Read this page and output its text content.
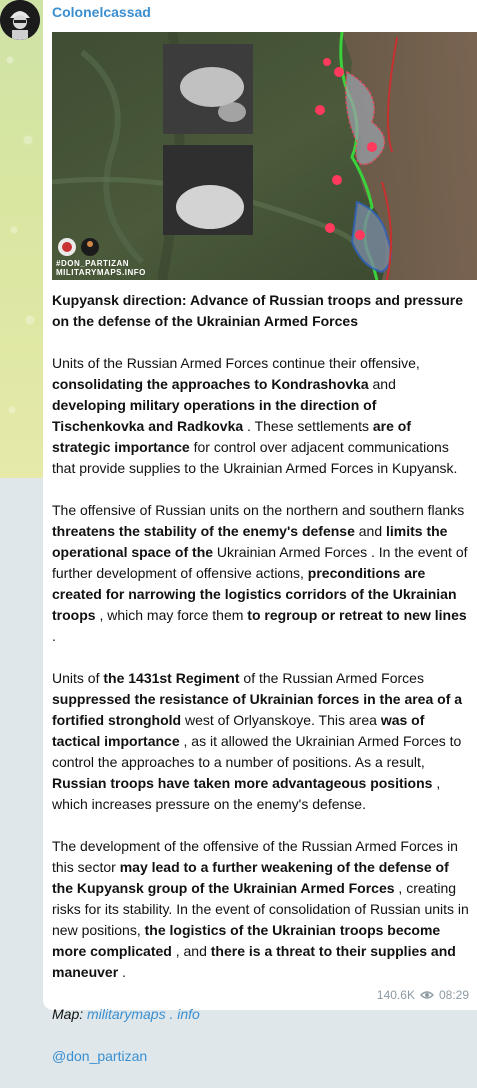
Colonelcassad
#DON_PARTIZAN
MILITARYMAPS.INFO

Kupyansk direction: Advance of Russian troops and pressure on the defense of the Ukrainian Armed Forces

Units of the Russian Armed Forces continue their offensive, consolidating the approaches to Kondrashovka and developing military operations in the direction of Tischenkovka and Radkovka . These settlements are of strategic importance for control over adjacent communications that provide supplies to the Ukrainian Armed Forces in Kupyansk.

The offensive of Russian units on the northern and southern flanks threatens the stability of the enemy's defense and limits the operational space of the Ukrainian Armed Forces . In the event of further development of offensive actions, preconditions are created for narrowing the logistics corridors of the Ukrainian troops , which may force them to regroup or retreat to new lines .

Units of the 1431st Regiment of the Russian Armed Forces suppressed the resistance of Ukrainian forces in the area of a fortified stronghold west of Orlyanskoye. This area was of tactical importance , as it allowed the Ukrainian Armed Forces to control the approaches to a number of positions. As a result, Russian troops have taken more advantageous positions , which increases pressure on the enemy's defense.

The development of the offensive of the Russian Armed Forces in this sector may lead to a further weakening of the defense of the Kupyansk group of the Ukrainian Armed Forces , creating risks for its stability. In the event of consolidation of Russian units in new positions, the logistics of the Ukrainian troops become more complicated , and there is a threat to their supplies and maneuver .

Map: militarymaps . info

@don_partizan

140.6K 08:29
